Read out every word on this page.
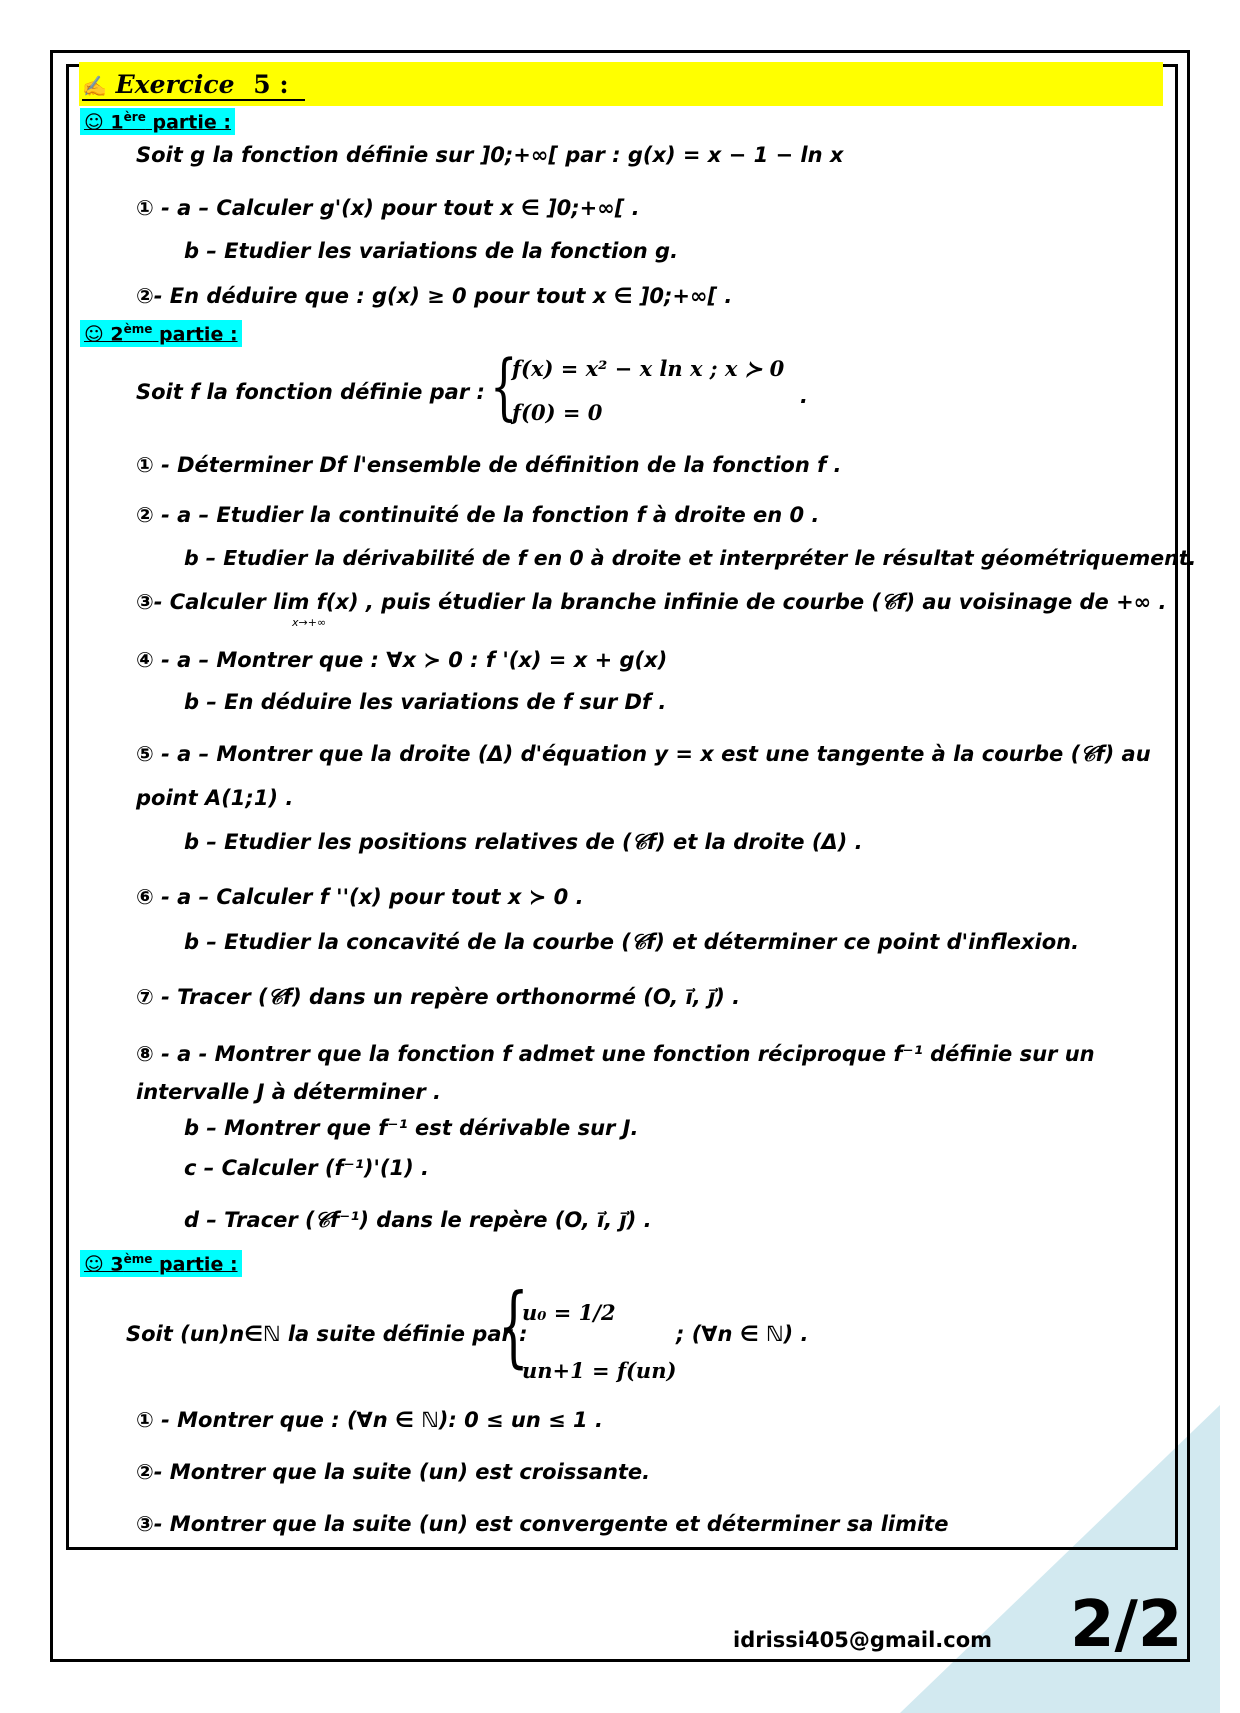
✍ Exercice 5 :
☺ 1ère partie :
Soit g la fonction définie sur ]0;+∞[ par : g(x) = x − 1 − ln x
① - a – Calculer g'(x) pour tout x ∈ ]0;+∞[ .
b – Etudier les variations de la fonction g.
②- En déduire que : g(x) ≥ 0 pour tout x ∈ ]0;+∞[ .
☺ 2ème partie :
Soit f la fonction définie par : {
f(x) = x² − x ln x ; x ≻ 0
f(0) = 0
.
① - Déterminer Df l'ensemble de définition de la fonction f .
② - a – Etudier la continuité de la fonction f à droite en 0 .
b – Etudier la dérivabilité de f en 0 à droite et interpréter le résultat géométriquement.
③- Calculer lim f(x) , puis étudier la branche infinie de courbe (𝒞f) au voisinage de +∞ .
x→+∞
④ - a – Montrer que : ∀x ≻ 0 : f '(x) = x + g(x)
b – En déduire les variations de f sur Df .
⑤ - a – Montrer que la droite (Δ) d'équation y = x est une tangente à la courbe (𝒞f) au
point A(1;1) .
b – Etudier les positions relatives de (𝒞f) et la droite (Δ) .
⑥ - a – Calculer f ''(x) pour tout x ≻ 0 .
b – Etudier la concavité de la courbe (𝒞f) et déterminer ce point d'inflexion.
⑦ - Tracer (𝒞f) dans un repère orthonormé (O, i⃗, j⃗) .
⑧ - a - Montrer que la fonction f admet une fonction réciproque f⁻¹ définie sur un
intervalle J à déterminer .
b – Montrer que f⁻¹ est dérivable sur J.
c – Calculer (f⁻¹)'(1) .
d – Tracer (𝒞f⁻¹) dans le repère (O, i⃗, j⃗) .
☺ 3ème partie :
Soit (un)n∈ℕ la suite définie par :
{
u₀ = 1/2
un+1 = f(un)
; (∀n ∈ ℕ) .
① - Montrer que : (∀n ∈ ℕ): 0 ≤ un ≤ 1 .
②- Montrer que la suite (un) est croissante.
③- Montrer que la suite (un) est convergente et déterminer sa limite
idrissi405@gmail.com 2/2
